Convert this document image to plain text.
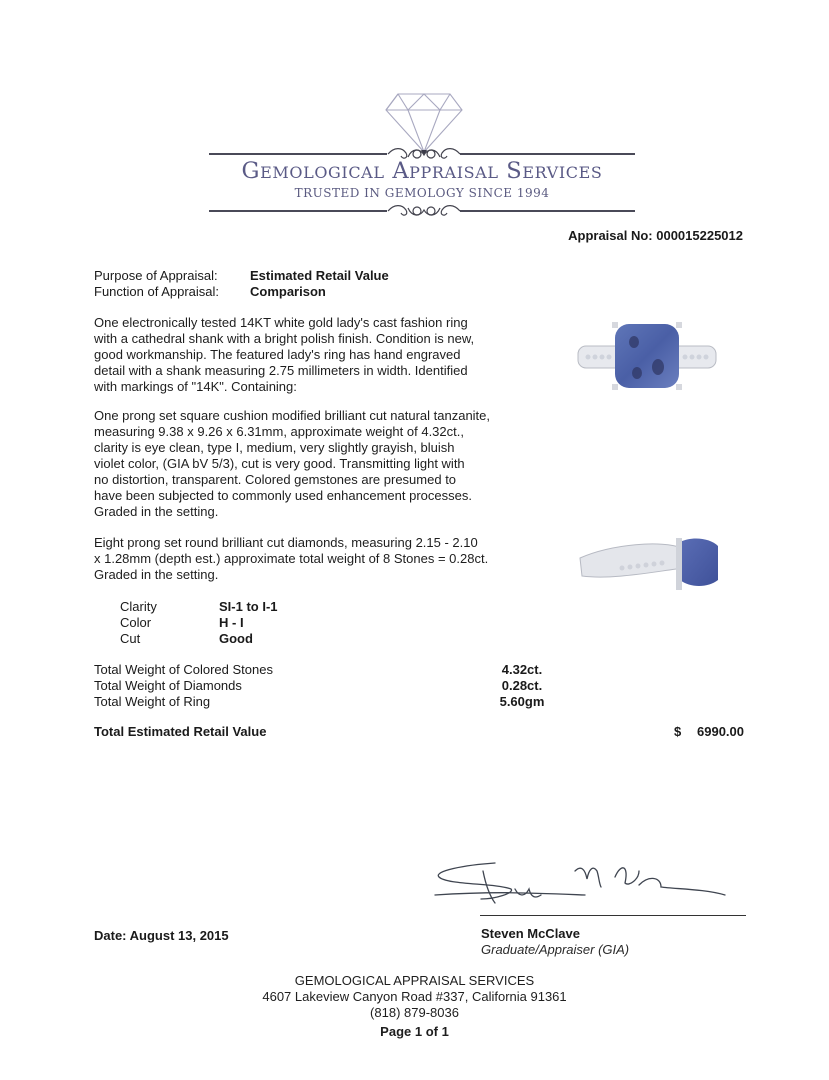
Gemological Appraisal Services
TRUSTED IN GEMOLOGY SINCE 1994
Appraisal No: 000015225012
Purpose of Appraisal: Estimated Retail Value
Function of Appraisal: Comparison

One electronically tested 14KT white gold lady's cast fashion ring

with a cathedral shank with a bright polish finish. Condition is new,

good workmanship. The featured lady's ring has hand engraved

detail with a shank measuring 2.75 millimeters in width. Identified

with markings of "14K". Containing:

One prong set square cushion modified brilliant cut natural tanzanite,

measuring 9.38 x 9.26 x 6.31mm, approximate weight of 4.32ct.,

clarity is eye clean, type I, medium, very slightly grayish, bluish

violet color, (GIA bV 5/3), cut is very good. Transmitting light with

no distortion, transparent. Colored gemstones are presumed to

have been subjected to commonly used enhancement processes.

Graded in the setting.

Eight prong set round brilliant cut diamonds, measuring 2.15 - 2.10

x 1.28mm (depth est.) approximate total weight of 8 Stones = 0.28ct.

Graded in the setting.

Clarity	SI-1 to I-1
Color	H - I
Cut	Good
Total Weight of Colored Stones	4.32ct.
Total Weight of Diamonds	0.28ct.
Total Weight of Ring	5.60gm
Total Estimated Retail Value	$ 6990.00
Steven McClave
Graduate/Appraiser (GIA)
Date: August 13, 2015
GEMOLOGICAL APPRAISAL SERVICES
4607 Lakeview Canyon Road #337, California 91361
(818) 879-8036
Page 1 of 1
